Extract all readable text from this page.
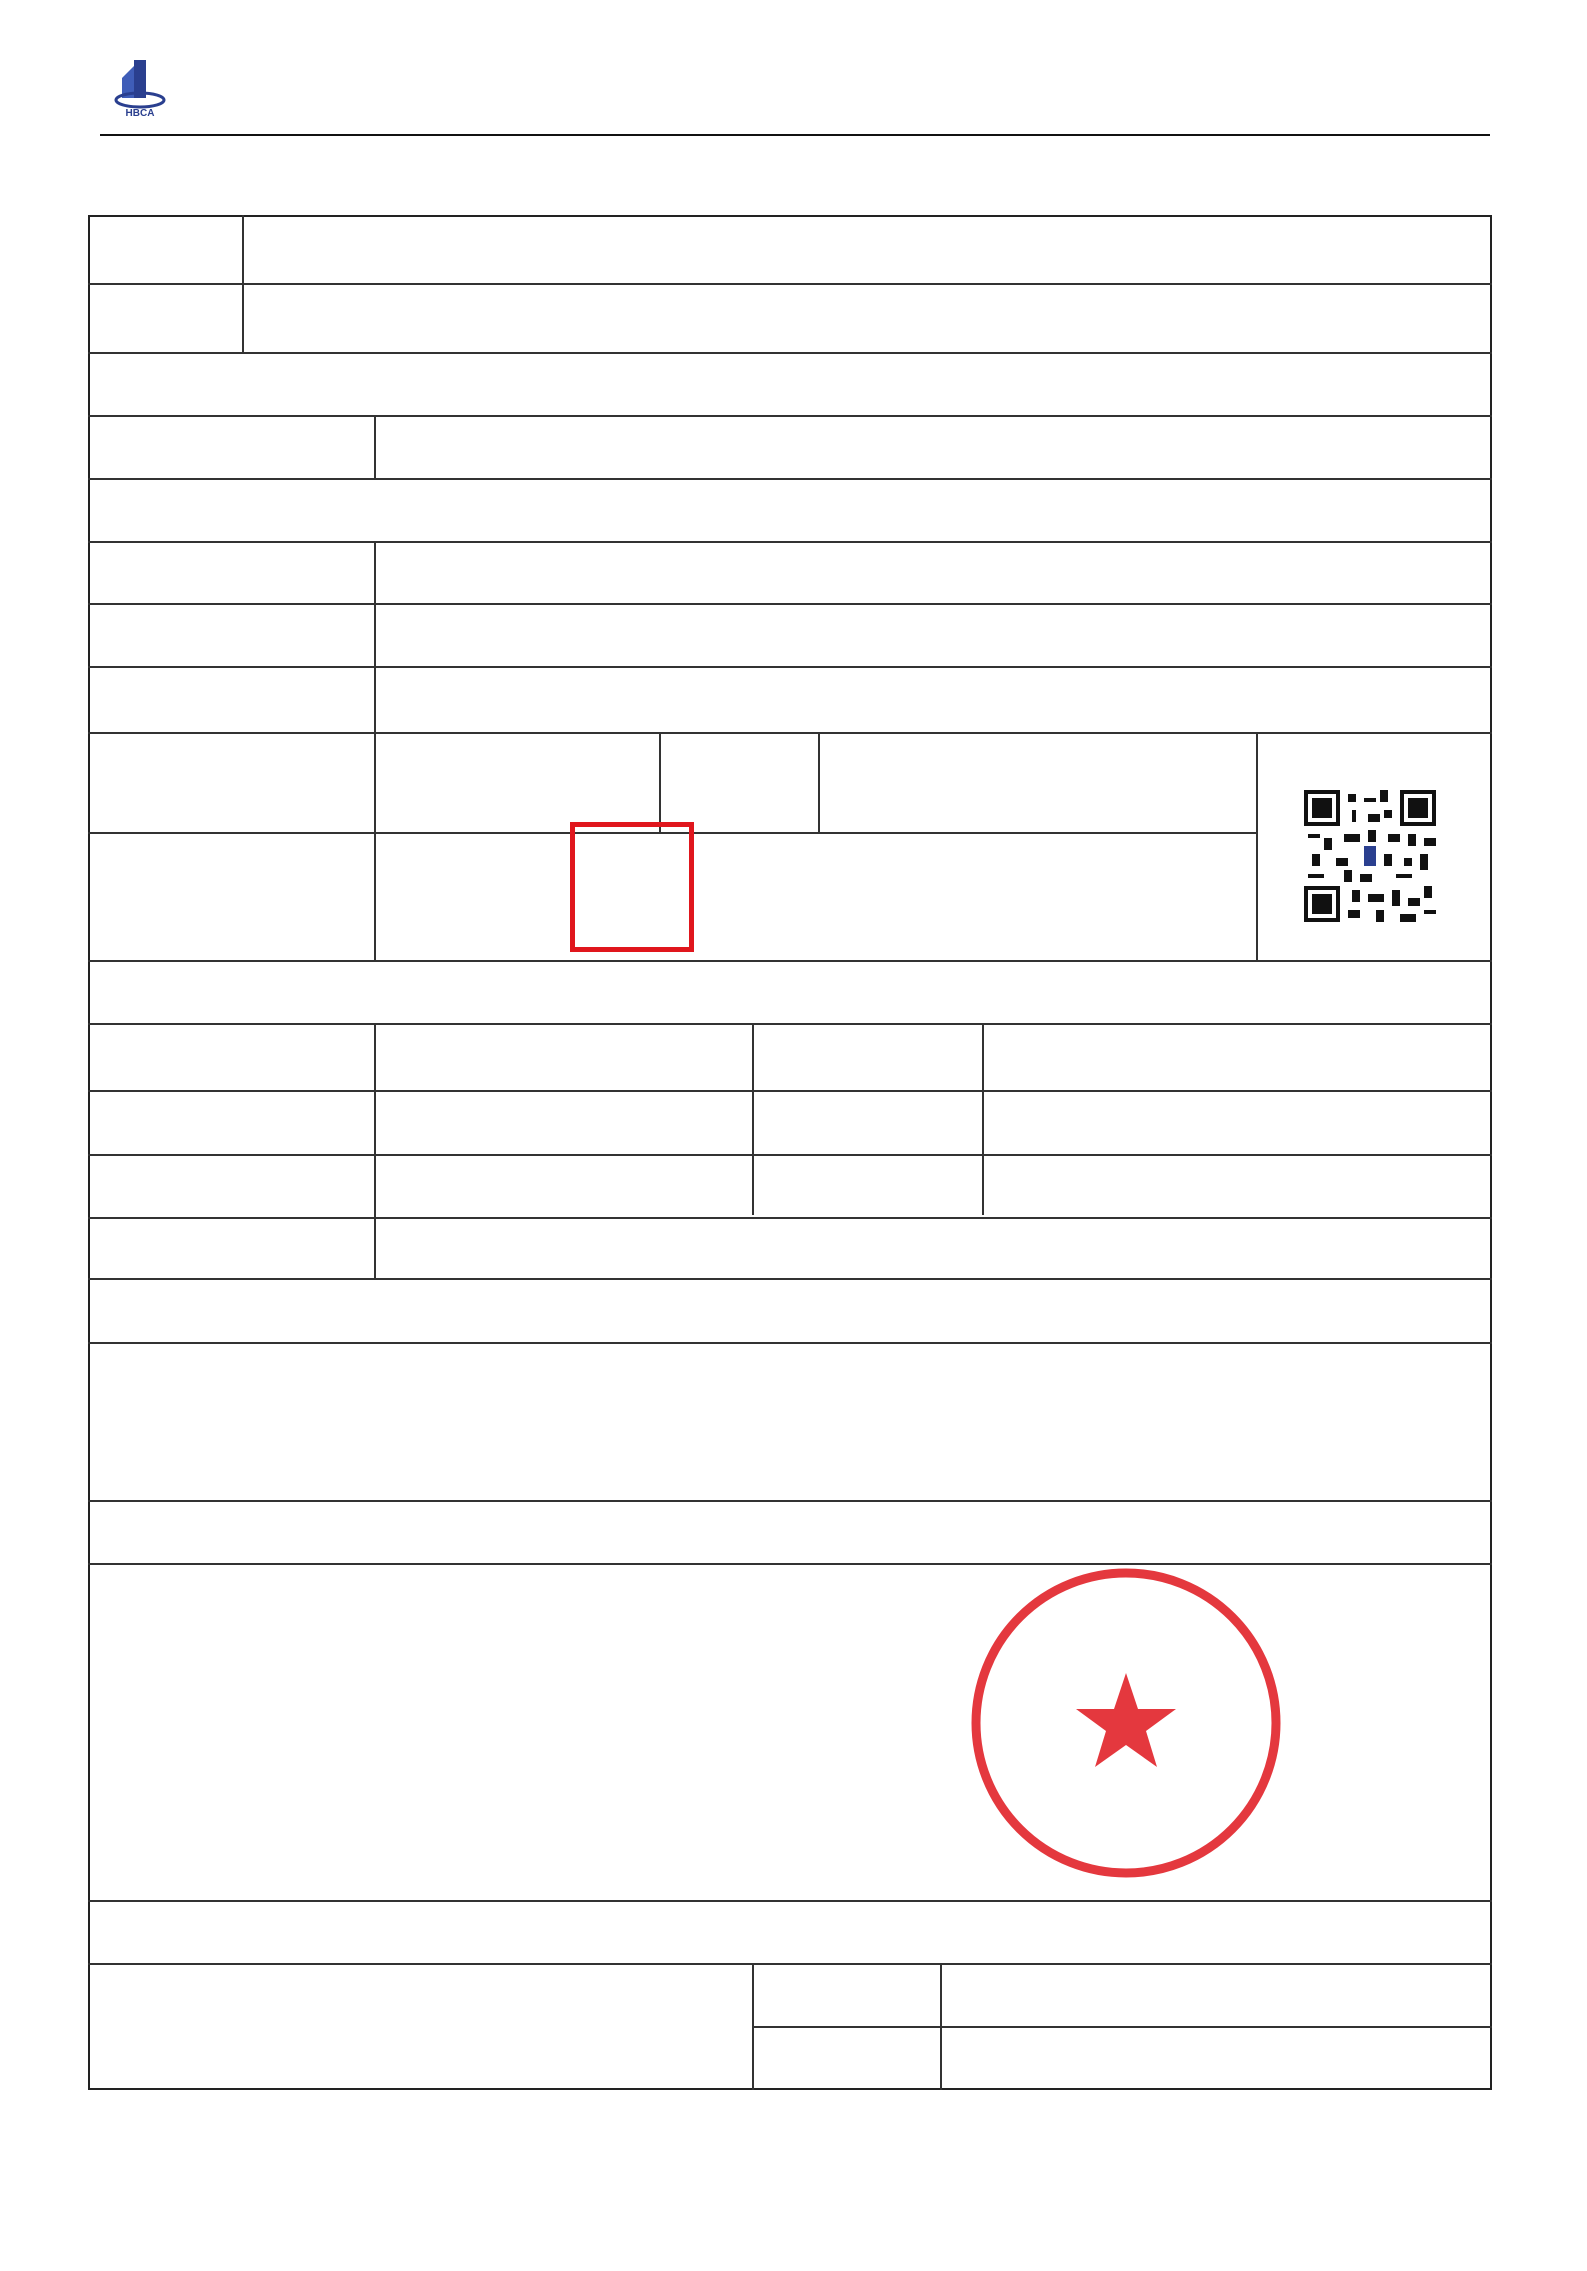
HBCA
